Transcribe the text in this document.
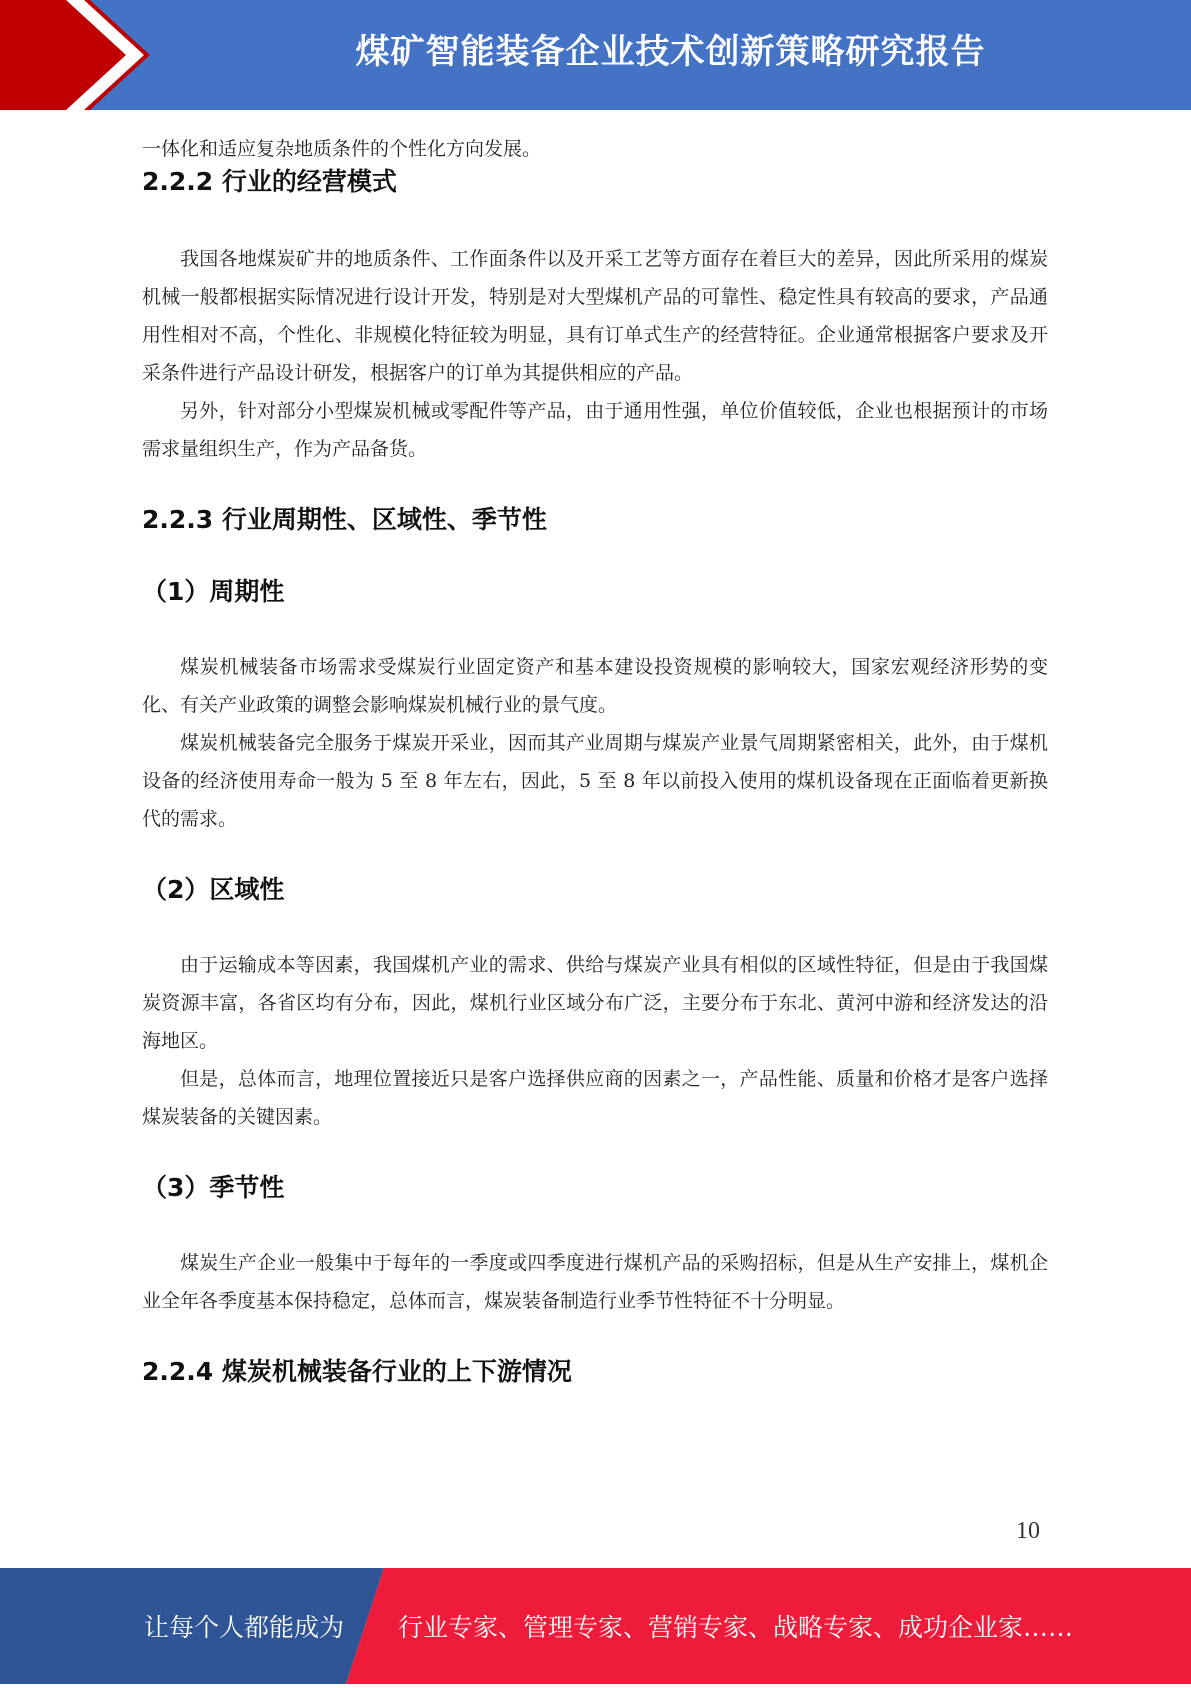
煤矿智能装备企业技术创新策略研究报告

一体化和适应复杂地质条件的个性化方向发展。

2.2.2 行业的经营模式

我国各地煤炭矿井的地质条件、工作面条件以及开采工艺等方面存在着巨大的差异，因此所采用的煤炭机械一般都根据实际情况进行设计开发，特别是对大型煤机产品的可靠性、稳定性具有较高的要求，产品通用性相对不高，个性化、非规模化特征较为明显，具有订单式生产的经营特征。企业通常根据客户要求及开采条件进行产品设计研发，根据客户的订单为其提供相应的产品。

另外，针对部分小型煤炭机械或零配件等产品，由于通用性强，单位价值较低，企业也根据预计的市场需求量组织生产，作为产品备货。

2.2.3 行业周期性、区域性、季节性
（1）周期性

煤炭机械装备市场需求受煤炭行业固定资产和基本建设投资规模的影响较大，国家宏观经济形势的变化、有关产业政策的调整会影响煤炭机械行业的景气度。

煤炭机械装备完全服务于煤炭开采业，因而其产业周期与煤炭产业景气周期紧密相关，此外，由于煤机设备的经济使用寿命一般为 5 至 8 年左右，因此，5 至 8 年以前投入使用的煤机设备现在正面临着更新换代的需求。

（2）区域性

由于运输成本等因素，我国煤机产业的需求、供给与煤炭产业具有相似的区域性特征，但是由于我国煤炭资源丰富，各省区均有分布，因此，煤机行业区域分布广泛，主要分布于东北、黄河中游和经济发达的沿海地区。

但是，总体而言，地理位置接近只是客户选择供应商的因素之一，产品性能、质量和价格才是客户选择煤炭装备的关键因素。

（3）季节性

煤炭生产企业一般集中于每年的一季度或四季度进行煤机产品的采购招标，但是从生产安排上，煤机企业全年各季度基本保持稳定，总体而言，煤炭装备制造行业季节性特征不十分明显。

2.2.4 煤炭机械装备行业的上下游情况
10
让每个人都能成为 行业专家、管理专家、营销专家、战略专家、成功企业家……
